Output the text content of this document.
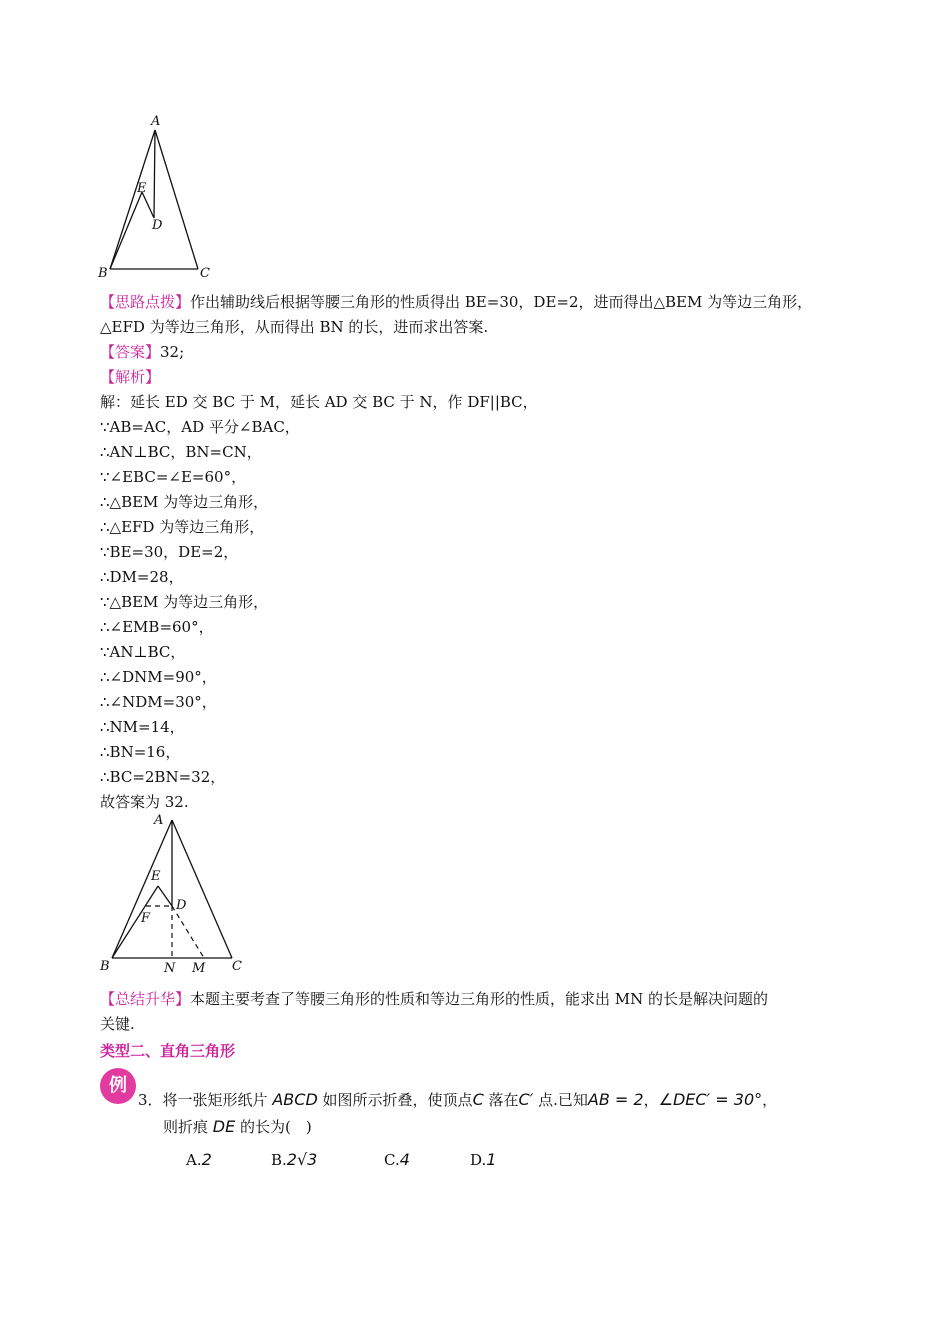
A
E
D
B	C
【思路点拨】作出辅助线后根据等腰三角形的性质得出 BE=30，DE=2，进而得出△BEM 为等边三角形，
△EFD 为等边三角形，从而得出 BN 的长，进而求出答案.
【答案】32;
【解析】
解：延长 ED 交 BC 于 M，延长 AD 交 BC 于 N，作 DF||BC，
∵AB=AC，AD 平分∠BAC，
∴AN⊥BC，BN=CN，
∵∠EBC=∠E=60°，
∴△BEM 为等边三角形，
∴△EFD 为等边三角形，
∵BE=30，DE=2，
∴DM=28，
∵△BEM 为等边三角形，
∴∠EMB=60°，
∵AN⊥BC，
∴∠DNM=90°，
∴∠NDM=30°，
∴NM=14，
∴BN=16，
∴BC=2BN=32，
故答案为 32.
A
E
D
F
B	N M C
【总结升华】本题主要考查了等腰三角形的性质和等边三角形的性质，能求出 MN 的长是解决问题的
关键.
类型二、直角三角形
例
3．将一张矩形纸片 ABCD 如图所示折叠，使顶点C 落在C′ 点.已知AB = 2，∠DEC′ = 30°，
则折痕 DE 的长为(　)
A.2	B.2√3	C.4	D.1
